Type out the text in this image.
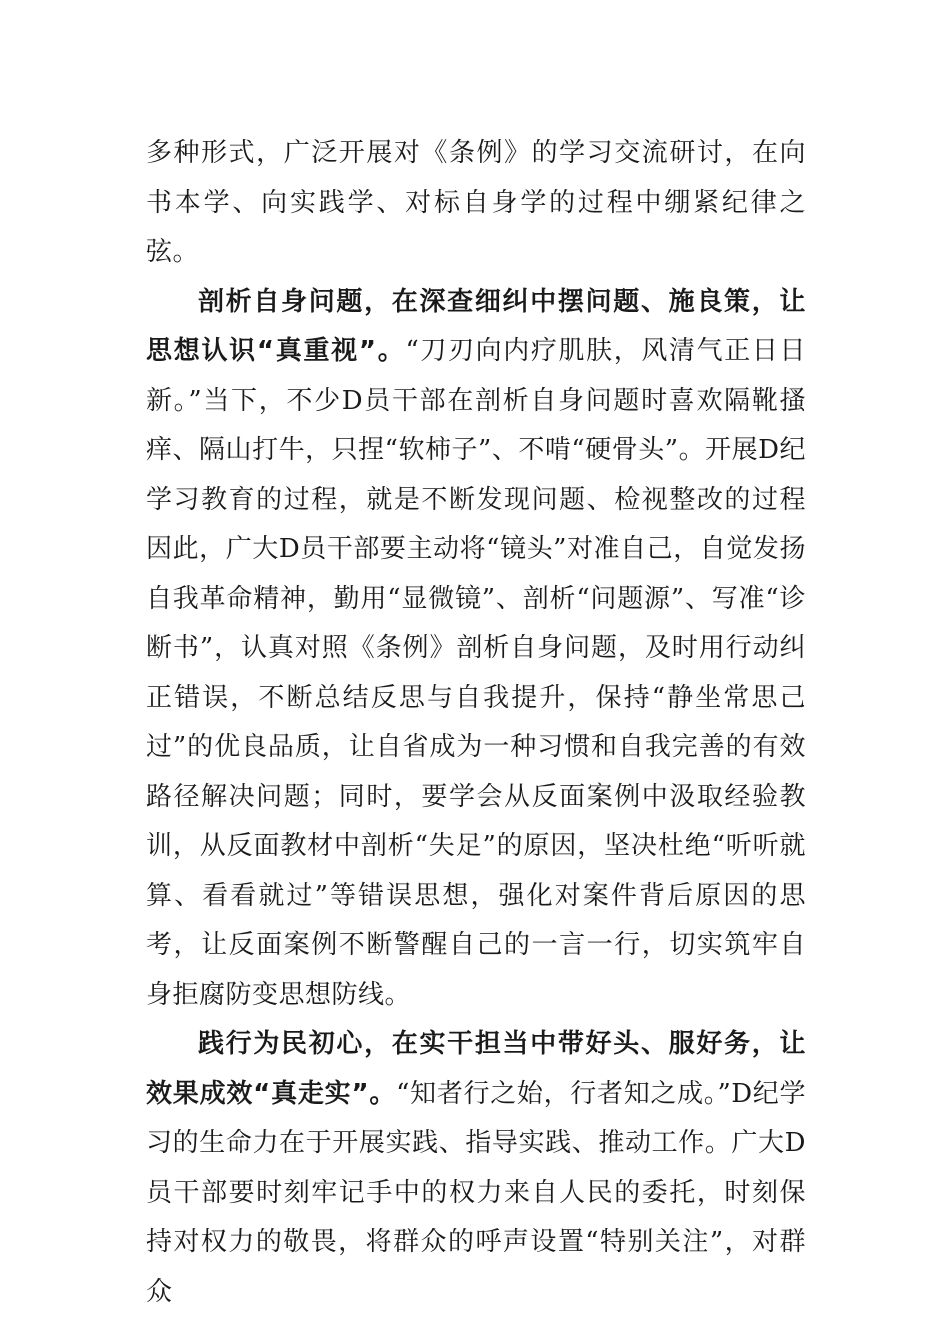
多种形式，广泛开展对《条例》的学习交流研讨，在向书本学、向实践学、对标自身学的过程中绷紧纪律之弦。

剖析自身问题，在深查细纠中摆问题、施良策，让思想认识“真重视”。“刀刃向内疗肌肤，风清气正日日新。”当下，不少D员干部在剖析自身问题时喜欢隔靴搔痒、隔山打牛，只捏“软柿子”、不啃“硬骨头”。开展D纪学习教育的过程，就是不断发现问题、检视整改的过程因此，广大D员干部要主动将“镜头”对准自己，自觉发扬自我革命精神，勤用“显微镜”、剖析“问题源”、写准“诊断书”，认真对照《条例》剖析自身问题，及时用行动纠正错误，不断总结反思与自我提升，保持“静坐常思己过”的优良品质，让自省成为一种习惯和自我完善的有效路径解决问题；同时，要学会从反面案例中汲取经验教训，从反面教材中剖析“失足”的原因，坚决杜绝“听听就算、看看就过”等错误思想，强化对案件背后原因的思考，让反面案例不断警醒自己的一言一行，切实筑牢自身拒腐防变思想防线。

践行为民初心，在实干担当中带好头、服好务，让效果成效“真走实”。“知者行之始，行者知之成。”D纪学习的生命力在于开展实践、指导实践、推动工作。广大D员干部要时刻牢记手中的权力来自人民的委托，时刻保持对权力的敬畏，将群众的呼声设置“特别关注”，对群众
